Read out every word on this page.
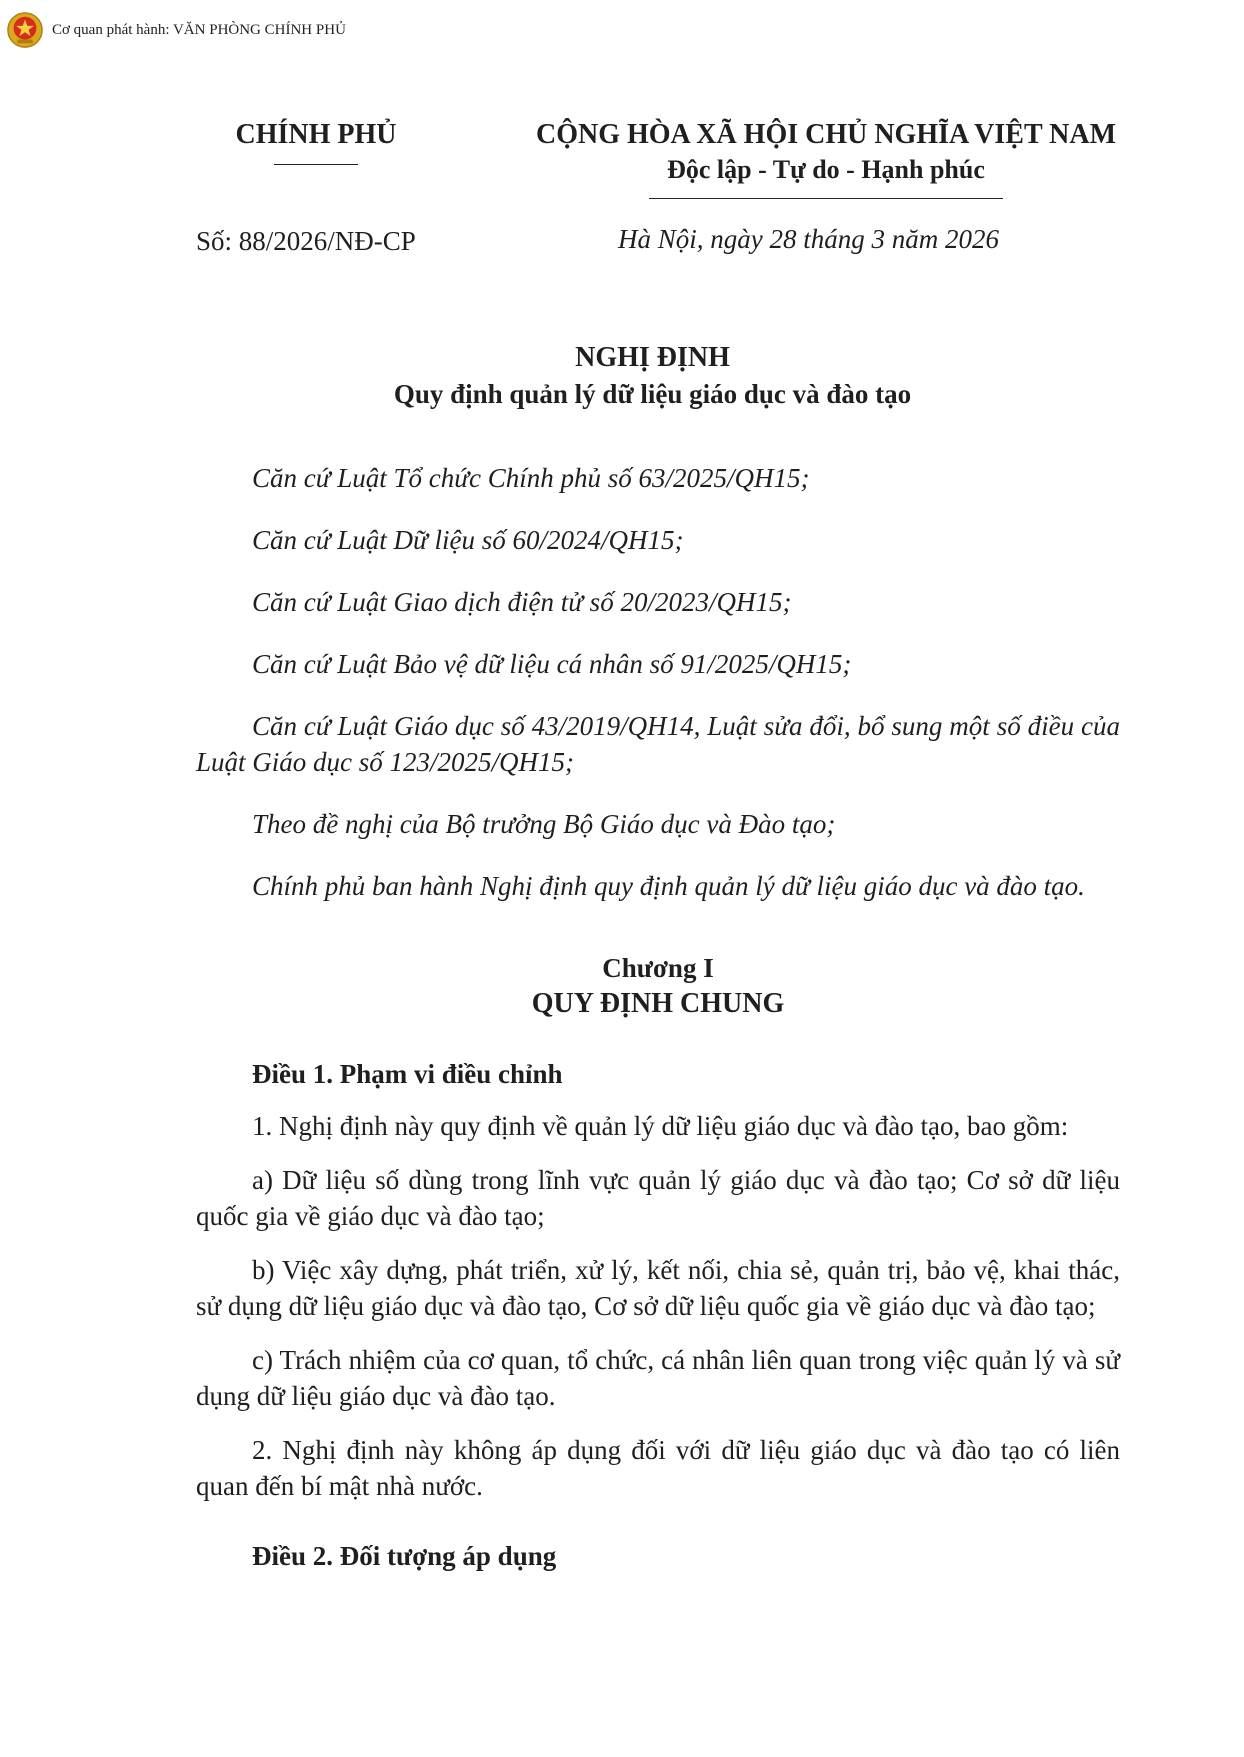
Cơ quan phát hành: VĂN PHÒNG CHÍNH PHỦ
CHÍNH PHỦ	CỘNG HÒA XÃ HỘI CHỦ NGHĨA VIỆT NAM
Độc lập - Tự do - Hạnh phúc
Số: 88/2026/NĐ-CP	Hà Nội, ngày 28 tháng 3 năm 2026
NGHỊ ĐỊNH
Quy định quản lý dữ liệu giáo dục và đào tạo

Căn cứ Luật Tổ chức Chính phủ số 63/2025/QH15;

Căn cứ Luật Dữ liệu số 60/2024/QH15;

Căn cứ Luật Giao dịch điện tử số 20/2023/QH15;

Căn cứ Luật Bảo vệ dữ liệu cá nhân số 91/2025/QH15;

Căn cứ Luật Giáo dục số 43/2019/QH14, Luật sửa đổi, bổ sung một số điều của Luật Giáo dục số 123/2025/QH15;

Theo đề nghị của Bộ trưởng Bộ Giáo dục và Đào tạo;

Chính phủ ban hành Nghị định quy định quản lý dữ liệu giáo dục và đào tạo.

Chương I
QUY ĐỊNH CHUNG
Điều 1. Phạm vi điều chỉnh

1. Nghị định này quy định về quản lý dữ liệu giáo dục và đào tạo, bao gồm:

a) Dữ liệu số dùng trong lĩnh vực quản lý giáo dục và đào tạo; Cơ sở dữ liệu quốc gia về giáo dục và đào tạo;

b) Việc xây dựng, phát triển, xử lý, kết nối, chia sẻ, quản trị, bảo vệ, khai thác, sử dụng dữ liệu giáo dục và đào tạo, Cơ sở dữ liệu quốc gia về giáo dục và đào tạo;

c) Trách nhiệm của cơ quan, tổ chức, cá nhân liên quan trong việc quản lý và sử dụng dữ liệu giáo dục và đào tạo.

2. Nghị định này không áp dụng đối với dữ liệu giáo dục và đào tạo có liên quan đến bí mật nhà nước.

Điều 2. Đối tượng áp dụng
